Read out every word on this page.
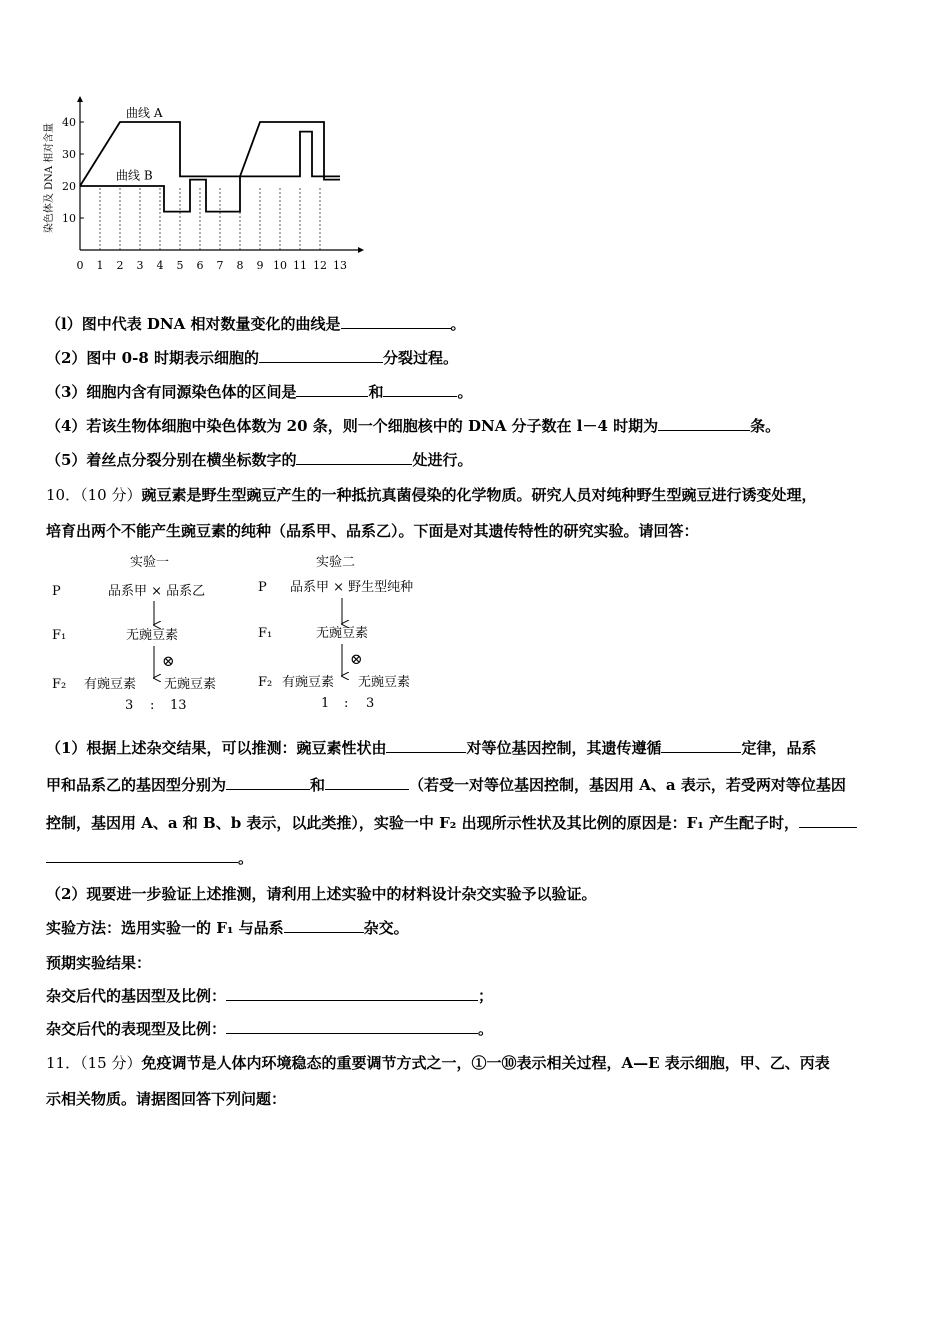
10
20
30
40
0 1 2 3 4 5 6 7 8 9 10 11 12 13
染色体及 DNA 相对含量
曲线 A
曲线 B
（l）图中代表 DNA 相对数量变化的曲线是	。
（2）图中 0-8 时期表示细胞的	分裂过程。
（3）细胞内含有同源染色体的区间是	和	。
（4）若该生物体细胞中染色体数为 20 条，则一个细胞核中的 DNA 分子数在 l－4 时期为	条。
（5）着丝点分裂分别在横坐标数字的	处进行。
10．（10 分）豌豆素是野生型豌豆产生的一种抵抗真菌侵染的化学物质。研究人员对纯种野生型豌豆进行诱变处理，
培育出两个不能产生豌豆素的纯种（品系甲、品系乙）。下面是对其遗传特性的研究实验。请回答：
实验一
P	品系甲 × 品系乙
F₁	无豌豆素
⊗
F₂ 有豌豆素 无豌豆素
3 : 13
实验二
P 品系甲 × 野生型纯种
F₁	无豌豆素
⊗
F₂ 有豌豆素 无豌豆素
1 : 3
（1）根据上述杂交结果，可以推测：豌豆素性状由	对等位基因控制，其遗传遵循	定律，品系
甲和品系乙的基因型分别为	和	（若受一对等位基因控制，基因用 A、a 表示，若受两对等位基因
控制，基因用 A、a 和 B、b 表示，以此类推），实验一中 F₂ 出现所示性状及其比例的原因是：F₁ 产生配子时，
。
（2）现要进一步验证上述推测，请利用上述实验中的材料设计杂交实验予以验证。
实验方法：选用实验一的 F₁ 与品系	杂交。
预期实验结果：
杂交后代的基因型及比例：	；
杂交后代的表现型及比例：	。
11．（15 分）免疫调节是人体内环境稳态的重要调节方式之一，①一⑩表示相关过程，A—E 表示细胞，甲、乙、丙表
示相关物质。请据图回答下列问题：
